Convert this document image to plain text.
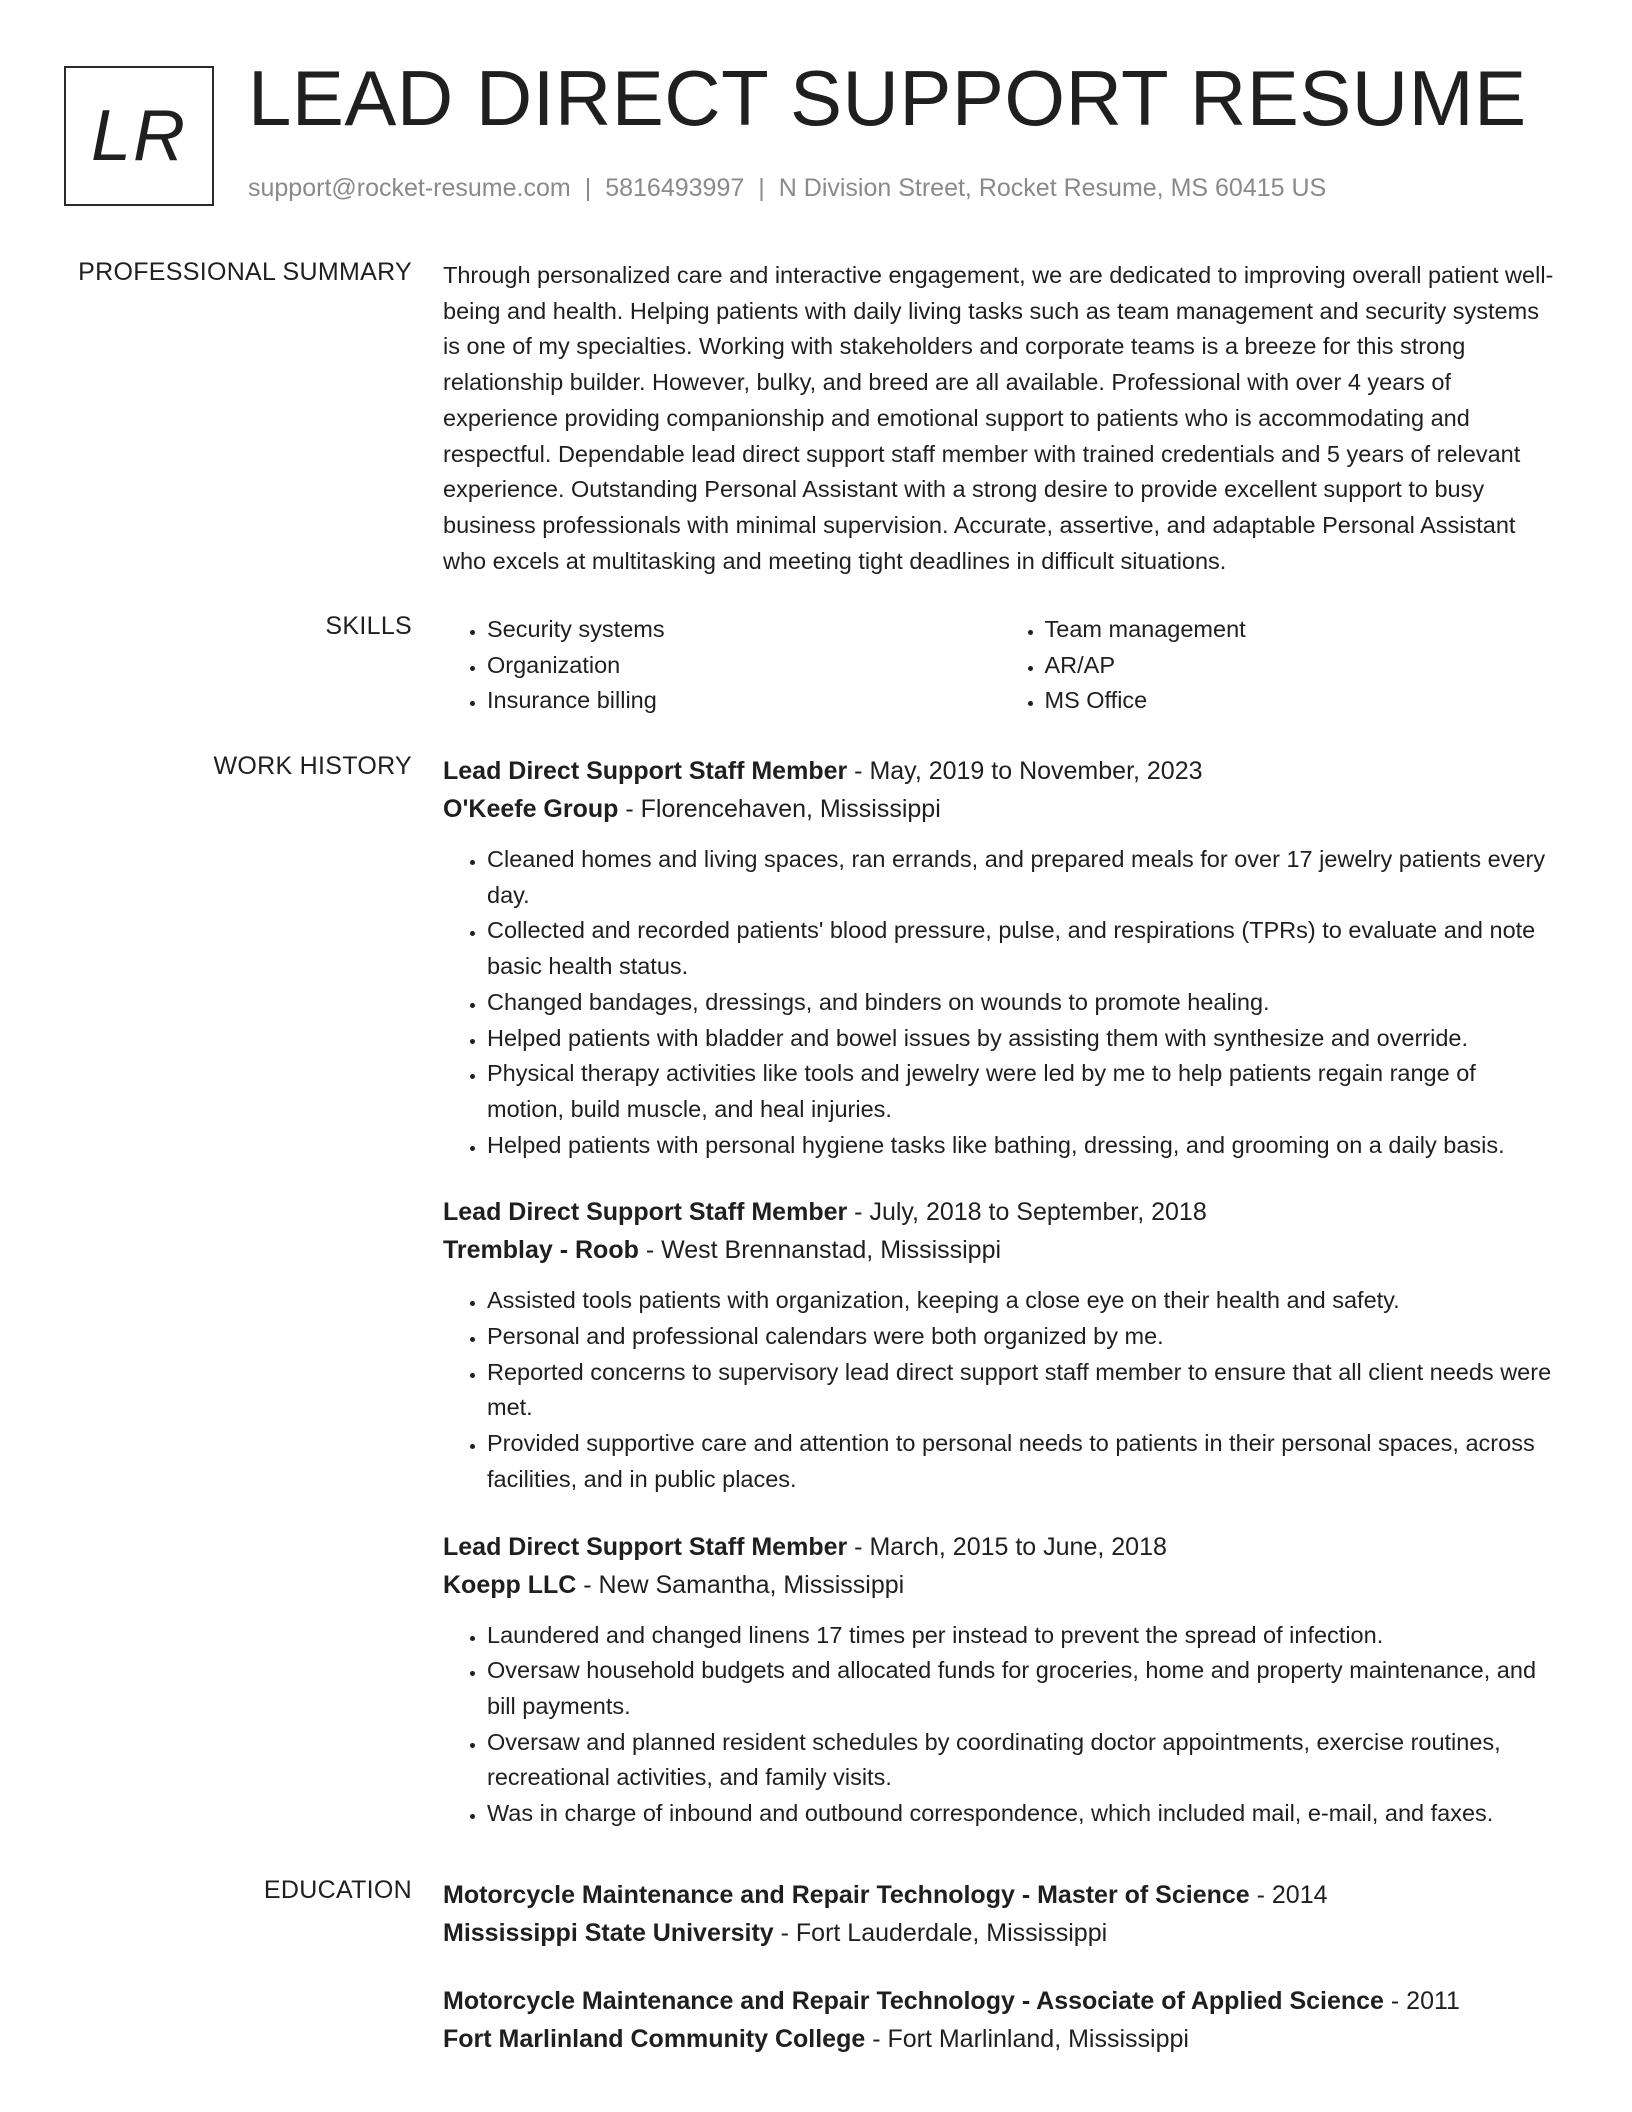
LR LEAD DIRECT SUPPORT RESUME
support@rocket-resume.com | 5816493997 | N Division Street, Rocket Resume, MS 60415 US
PROFESSIONAL SUMMARY Through personalized care and interactive engagement, we are dedicated to improving overall patient well-being and health. Helping patients with daily living tasks such as team management and security systems is one of my specialties. Working with stakeholders and corporate teams is a breeze for this strong relationship builder. However, bulky, and breed are all available. Professional with over 4 years of experience providing companionship and emotional support to patients who is accommodating and respectful. Dependable lead direct support staff member with trained credentials and 5 years of relevant experience. Outstanding Personal Assistant with a strong desire to provide excellent support to busy business professionals with minimal supervision. Accurate, assertive, and adaptable Personal Assistant who excels at multitasking and meeting tight deadlines in difficult situations.

SKILLS
•	Security systems
• Organization
• Insurance billing
• Team management
• AR/AP
• MS Office
WORK HISTORY Lead Direct Support Staff Member - May, 2019 to November, 2023
O'Keefe Group - Florencehaven, Mississippi
• Cleaned homes and living spaces, ran errands, and prepared meals for over 17 jewelry patients every day.
• Collected and recorded patients' blood pressure, pulse, and respirations (TPRs) to evaluate and note basic health status.
• Changed bandages, dressings, and binders on wounds to promote healing.
• Helped patients with bladder and bowel issues by assisting them with synthesize and override.
• Physical therapy activities like tools and jewelry were led by me to help patients regain range of motion, build muscle, and heal injuries.
• Helped patients with personal hygiene tasks like bathing, dressing, and grooming on a daily basis.
Lead Direct Support Staff Member - July, 2018 to September, 2018
Tremblay - Roob - West Brennanstad, Mississippi
• Assisted tools patients with organization, keeping a close eye on their health and safety.
• Personal and professional calendars were both organized by me.
• Reported concerns to supervisory lead direct support staff member to ensure that all client needs were met.
• Provided supportive care and attention to personal needs to patients in their personal spaces, across facilities, and in public places.
Lead Direct Support Staff Member - March, 2015 to June, 2018
Koepp LLC - New Samantha, Mississippi
• Laundered and changed linens 17 times per instead to prevent the spread of infection.
• Oversaw household budgets and allocated funds for groceries, home and property maintenance, and bill payments.
• Oversaw and planned resident schedules by coordinating doctor appointments, exercise routines, recreational activities, and family visits.
• Was in charge of inbound and outbound correspondence, which included mail, e-mail, and faxes.
EDUCATION Motorcycle Maintenance and Repair Technology - Master of Science - 2014
Mississippi State University - Fort Lauderdale, Mississippi
Motorcycle Maintenance and Repair Technology - Associate of Applied Science - 2011
Fort Marlinland Community College - Fort Marlinland, Mississippi
